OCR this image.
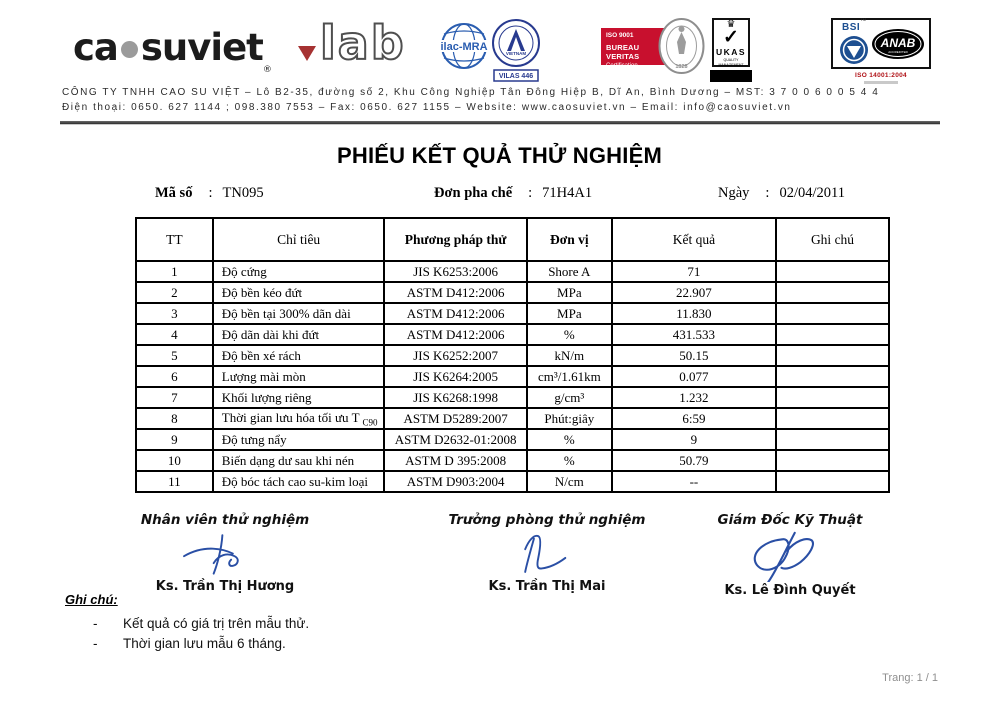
ca suviet$_®$	lab	ilac-MRA
VIETNAM
VILAS 446
ISO 9001
BUREAU VERITAS
Certification	1828
♛
✓
UKAS
QUALITY
MANAGEMENT
BSI™
ANAB
ACCREDITED
ISO 14001:2004
CÔNG TY TNHH CAO SU VIỆT – Lô B2-35, đường số 2, Khu Công Nghiệp Tân Đông Hiệp B, Dĩ An, Bình Dương – MST: 3 7 0 0 6 0 0 5 4 4
Điện thoại: 0650. 627 1144 ; 098.380 7553 – Fax: 0650. 627 1155 – Website: www.caosuviet.vn – Email: info@caosuviet.vn
PHIẾU KẾT QUẢ THỬ NGHIỆM
Mã số : TN095	Đơn pha chế : 71H4A1	Ngày : 02/04/2011
TT	Chỉ tiêu	Phương pháp thử	Đơn vị	Kết quả	Ghi chú
1	Độ cứng	JIS K6253:2006	Shore A	71	
2	Độ bền kéo đứt	ASTM D412:2006	MPa	22.907	
3	Độ bền tại 300% dãn dài	ASTM D412:2006	MPa	11.830	
4	Độ dãn dài khi đứt	ASTM D412:2006	%	431.533	
5	Độ bền xé rách	JIS K6252:2007	kN/m	50.15	
6	Lượng mài mòn	JIS K6264:2005	cm³/1.61km	0.077	
7	Khối lượng riêng	JIS K6268:1998	g/cm³	1.232	
8	Thời gian lưu hóa tối ưu T $_{C90}$	ASTM D5289:2007	Phút:giây	6:59	
9	Độ tưng nẩy	ASTM D2632-01:2008	%	9	
10	Biến dạng dư sau khi nén	ASTM D 395:2008	%	50.79	
11	Độ bóc tách cao su-kim loại	ASTM D903:2004	N/cm	--	
Nhân viên thử nghiệm
Ks. Trần Thị Hương
Trưởng phòng thử nghiệm
Ks. Trần Thị Mai
Giám Đốc Kỹ Thuật
Ks. Lê Đình Quyết
Ghi chú:
- Kết quả có giá trị trên mẫu thử.
- Thời gian lưu mẫu 6 tháng.
Trang: 1 / 1
